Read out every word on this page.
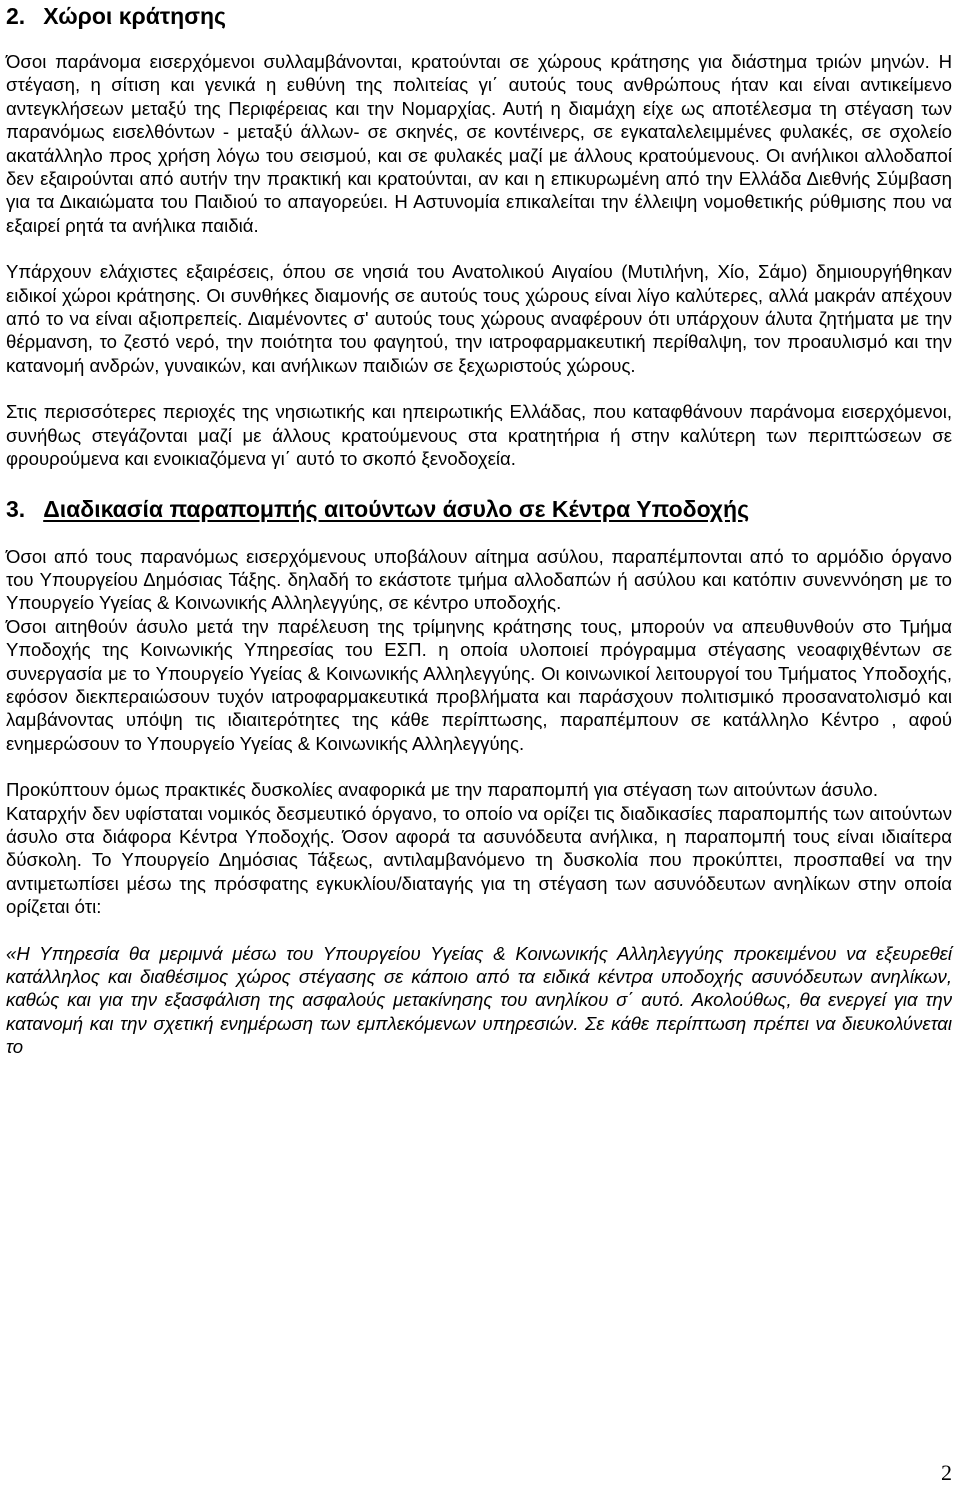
2. Χώροι κράτησης

Όσοι παράνομα εισερχόμενοι συλλαμβάνονται, κρατούνται σε χώρους κράτησης για διάστημα τριών μηνών. Η στέγαση, η σίτιση και γενικά η ευθύνη της πολιτείας γι΄ αυτούς τους ανθρώπους ήταν και είναι αντικείμενο αντεγκλήσεων μεταξύ της Περιφέρειας και την Νομαρχίας. Αυτή η διαμάχη είχε ως αποτέλεσμα τη στέγαση των παρανόμως εισελθόντων - μεταξύ άλλων- σε σκηνές, σε κοντέινερς, σε εγκαταλελειμμένες φυλακές, σε σχολείο ακατάλληλο προς χρήση λόγω του σεισμού, και σε φυλακές μαζί με άλλους κρατούμενους. Οι ανήλικοι αλλοδαποί δεν εξαιρούνται από αυτήν την πρακτική και κρατούνται, αν και η επικυρωμένη από την Ελλάδα Διεθνής Σύμβαση για τα Δικαιώματα του Παιδιού το απαγορεύει. Η Αστυνομία επικαλείται την έλλειψη νομοθετικής ρύθμισης που να εξαιρεί ρητά τα ανήλικα παιδιά.

Υπάρχουν ελάχιστες εξαιρέσεις, όπου σε νησιά του Ανατολικού Αιγαίου (Μυτιλήνη, Χίο, Σάμο) δημιουργήθηκαν ειδικοί χώροι κράτησης. Οι συνθήκες διαμονής σε αυτούς τους χώρους είναι λίγο καλύτερες, αλλά μακράν απέχουν από το να είναι αξιοπρεπείς. Διαμένοντες σ' αυτούς τους χώρους αναφέρουν ότι υπάρχουν άλυτα ζητήματα με την θέρμανση, το ζεστό νερό, την ποιότητα του φαγητού, την ιατροφαρμακευτική περίθαλψη, τον προαυλισμό και την κατανομή ανδρών, γυναικών, και ανήλικων παιδιών σε ξεχωριστούς χώρους.

Στις περισσότερες περιοχές της νησιωτικής και ηπειρωτικής Ελλάδας, που καταφθάνουν παράνομα εισερχόμενοι, συνήθως στεγάζονται μαζί με άλλους κρατούμενους στα κρατητήρια ή στην καλύτερη των περιπτώσεων σε φρουρούμενα και ενοικιαζόμενα γι΄ αυτό το σκοπό ξενοδοχεία.

3. Διαδικασία παραπομπής αιτούντων άσυλο σε Κέντρα Υποδοχής

Όσοι από τους παρανόμως εισερχόμενους υποβάλουν αίτημα ασύλου, παραπέμπονται από το αρμόδιο όργανο του Υπουργείου Δημόσιας Τάξης. δηλαδή το εκάστοτε τμήμα αλλοδαπών ή ασύλου και κατόπιν συνεννόηση με το Υπουργείο Υγείας & Κοινωνικής Αλληλεγγύης, σε κέντρο υποδοχής.

Όσοι αιτηθούν άσυλο μετά την παρέλευση της τρίμηνης κράτησης τους, μπορούν να απευθυνθούν στο Τμήμα Υποδοχής της Κοινωνικής Υπηρεσίας του ΕΣΠ. η οποία υλοποιεί πρόγραμμα στέγασης νεοαφιχθέντων σε συνεργασία με το Υπουργείο Υγείας & Κοινωνικής Αλληλεγγύης. Οι κοινωνικοί λειτουργοί του Τμήματος Υποδοχής, εφόσον διεκπεραιώσουν τυχόν ιατροφαρμακευτικά προβλήματα και παράσχουν πολιτισμικό προσανατολισμό και λαμβάνοντας υπόψη τις ιδιαιτερότητες της κάθε περίπτωσης, παραπέμπουν σε κατάλληλο Κέντρο , αφού ενημερώσουν το Υπουργείο Υγείας & Κοινωνικής Αλληλεγγύης.

Προκύπτουν όμως πρακτικές δυσκολίες αναφορικά με την παραπομπή για στέγαση των αιτούντων άσυλο.

Καταρχήν δεν υφίσταται νομικός δεσμευτικό όργανο, το οποίο να ορίζει τις διαδικασίες παραπομπής των αιτούντων άσυλο στα διάφορα Κέντρα Υποδοχής. Όσον αφορά τα ασυνόδευτα ανήλικα, η παραπομπή τους είναι ιδιαίτερα δύσκολη. Το Υπουργείο Δημόσιας Τάξεως, αντιλαμβανόμενο τη δυσκολία που προκύπτει, προσπαθεί να την αντιμετωπίσει μέσω της πρόσφατης εγκυκλίου/διαταγής για τη στέγαση των ασυνόδευτων ανηλίκων στην οποία ορίζεται ότι:

«Η Υπηρεσία θα μεριμνά μέσω του Υπουργείου Υγείας & Κοινωνικής Αλληλεγγύης προκειμένου να εξευρεθεί κατάλληλος και διαθέσιμος χώρος στέγασης σε κάποιο από τα ειδικά κέντρα υποδοχής ασυνόδευτων ανηλίκων, καθώς και για την εξασφάλιση της ασφαλούς μετακίνησης του ανηλίκου σ΄ αυτό. Ακολούθως, θα ενεργεί για την κατανομή και την σχετική ενημέρωση των εμπλεκόμενων υπηρεσιών. Σε κάθε περίπτωση πρέπει να διευκολύνεται το

2
